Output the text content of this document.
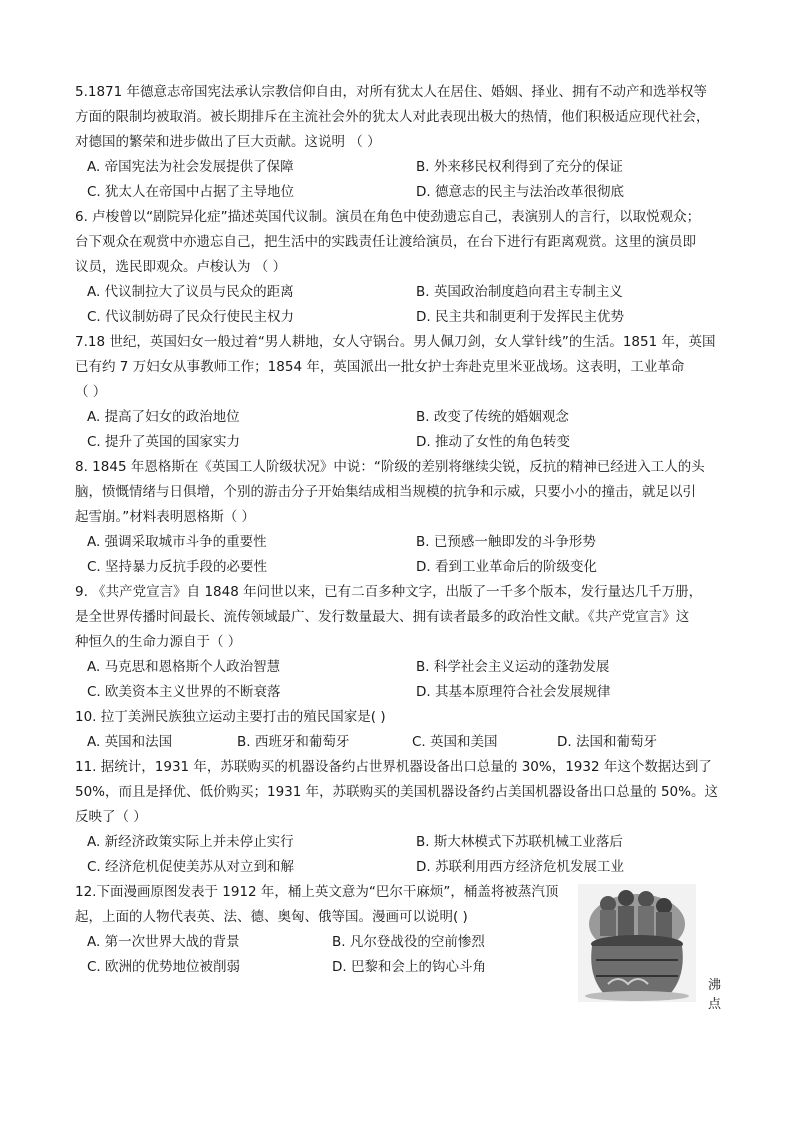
5.1871 年德意志帝国宪法承认宗教信仰自由，对所有犹太人在居住、婚姻、择业、拥有不动产和选举权等

方面的限制均被取消。被长期排斥在主流社会外的犹太人对此表现出极大的热情，他们积极适应现代社会，

对德国的繁荣和进步做出了巨大贡献。这说明 （ ）

A. 帝国宪法为社会发展提供了保障	B. 外来移民权利得到了充分的保证
C. 犹太人在帝国中占据了主导地位	D. 德意志的民主与法治改革很彻底

6. 卢梭曾以“剧院异化症”描述英国代议制。演员在角色中使劲遗忘自己，表演别人的言行，以取悦观众；

台下观众在观赏中亦遗忘自己，把生活中的实践责任让渡给演员，在台下进行有距离观赏。这里的演员即

议员，选民即观众。卢梭认为 （ ）

A. 代议制拉大了议员与民众的距离	B. 英国政治制度趋向君主专制主义
C. 代议制妨碍了民众行使民主权力	D. 民主共和制更利于发挥民主优势

7.18 世纪，英国妇女一般过着“男人耕地，女人守锅台。男人佩刀剑，女人掌针线”的生活。1851 年，英国

已有约 7 万妇女从事教师工作；1854 年，英国派出一批女护士奔赴克里米亚战场。这表明，工业革命

（ ）

A. 提高了妇女的政治地位	B. 改变了传统的婚姻观念
C. 提升了英国的国家实力	D. 推动了女性的角色转变

8. 1845 年恩格斯在《英国工人阶级状况》中说：“阶级的差别将继续尖锐，反抗的精神已经进入工人的头

脑，愤慨情绪与日俱增，个别的游击分子开始集结成相当规模的抗争和示威，只要小小的撞击，就足以引

起雪崩。”材料表明恩格斯（ ）

A. 强调采取城市斗争的重要性	B. 已预感一触即发的斗争形势
C. 坚持暴力反抗手段的必要性	D. 看到工业革命后的阶级变化

9. 《共产党宣言》自 1848 年问世以来，已有二百多种文字，出版了一千多个版本，发行量达几千万册，

是全世界传播时间最长、流传领域最广、发行数量最大、拥有读者最多的政治性文献。《共产党宣言》这

种恒久的生命力源自于（ ）

A. 马克思和恩格斯个人政治智慧	B. 科学社会主义运动的蓬勃发展
C. 欧美资本主义世界的不断衰落	D. 其基本原理符合社会发展规律

10. 拉丁美洲民族独立运动主要打击的殖民国家是( )

A. 英国和法国	B. 西班牙和葡萄牙	C. 英国和美国	D. 法国和葡萄牙

11. 据统计，1931 年，苏联购买的机器设备约占世界机器设备出口总量的 30%，1932 年这个数据达到了

50%，而且是择优、低价购买；1931 年，苏联购买的美国机器设备约占美国机器设备出口总量的 50%。这

反映了（ ）

A. 新经济政策实际上并未停止实行	B. 斯大林模式下苏联机械工业落后
C. 经济危机促使美苏从对立到和解	D. 苏联利用西方经济危机发展工业

12.下面漫画原图发表于 1912 年，桶上英文意为“巴尔干麻烦”，桶盖将被蒸汽顶

起，上面的人物代表英、法、德、奥匈、俄等国。漫画可以说明( )

A. 第一次世界大战的背景	B. 凡尔登战役的空前惨烈
C. 欧洲的优势地位被削弱	D. 巴黎和会上的钩心斗角
沸点
